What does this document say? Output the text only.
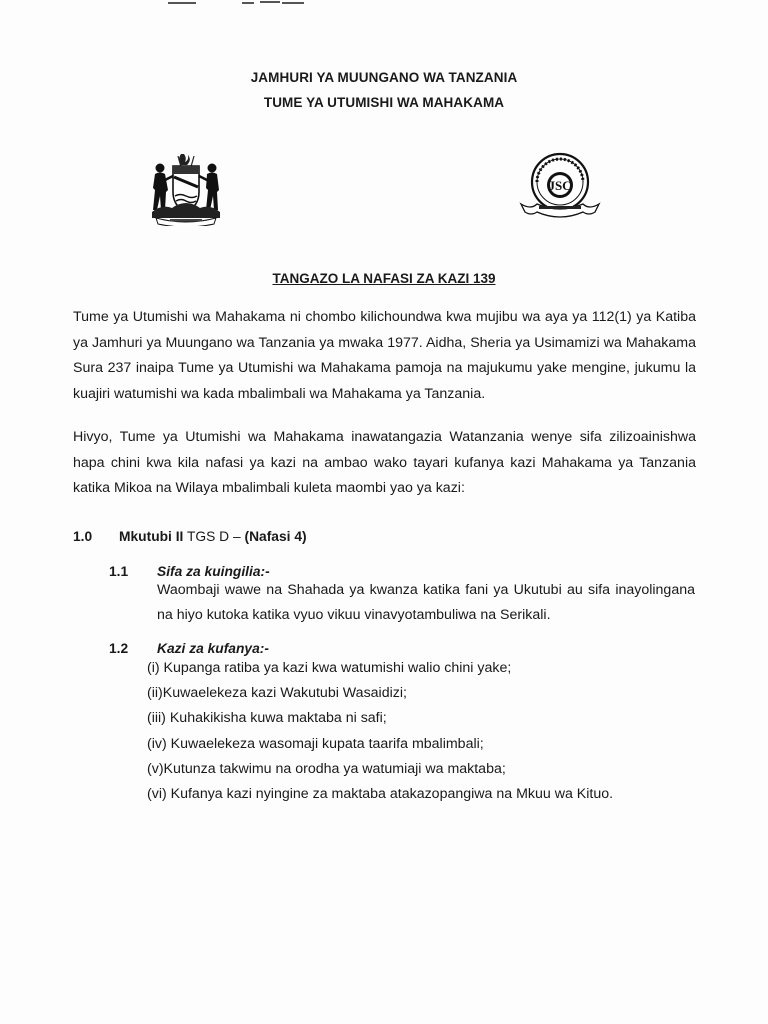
JAMHURI YA MUUNGANO WA TANZANIA
TUME YA UTUMISHI WA MAHAKAMA
JSC
TANGAZO LA NAFASI ZA KAZI 139

Tume ya Utumishi wa Mahakama ni chombo kilichoundwa kwa mujibu wa aya ya 112(1) ya Katiba ya Jamhuri ya Muungano wa Tanzania ya mwaka 1977. Aidha, Sheria ya Usimamizi wa Mahakama Sura 237 inaipa Tume ya Utumishi wa Mahakama pamoja na majukumu yake mengine, jukumu la kuajiri watumishi wa kada mbalimbali wa Mahakama ya Tanzania.

Hivyo, Tume ya Utumishi wa Mahakama inawatangazia Watanzania wenye sifa zilizoainishwa hapa chini kwa kila nafasi ya kazi na ambao wako tayari kufanya kazi Mahakama ya Tanzania katika Mikoa na Wilaya mbalimbali kuleta maombi yao ya kazi:

1.0 Mkutubi II TGS D – (Nafasi 4)
1.1 Sifa za kuingilia:-

Waombaji wawe na Shahada ya kwanza katika fani ya Ukutubi au sifa inayolingana na hiyo kutoka katika vyuo vikuu vinavyotambuliwa na Serikali.

1.2 Kazi za kufanya:-
(i) Kupanga ratiba ya kazi kwa watumishi walio chini yake;
(ii)Kuwaelekeza kazi Wakutubi Wasaidizi;
(iii) Kuhakikisha kuwa maktaba ni safi;
(iv) Kuwaelekeza wasomaji kupata taarifa mbalimbali;
(v)Kutunza takwimu na orodha ya watumiaji wa maktaba;
(vi) Kufanya kazi nyingine za maktaba atakazopangiwa na Mkuu wa Kituo.
